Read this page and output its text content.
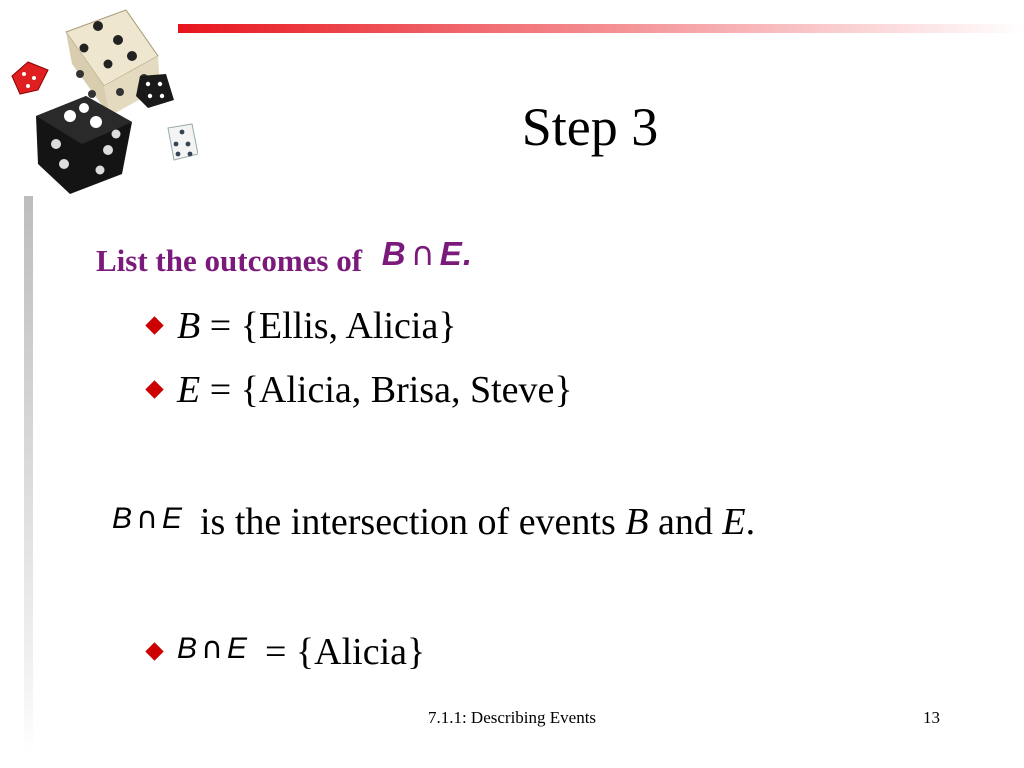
Step 3
List the outcomes of B ∩ E.
B = {Ellis, Alicia}
E = {Alicia, Brisa, Steve}
B ∩ E is the intersection of events B and E.
B ∩ E = {Alicia}
7.1.1: Describing Events	13
